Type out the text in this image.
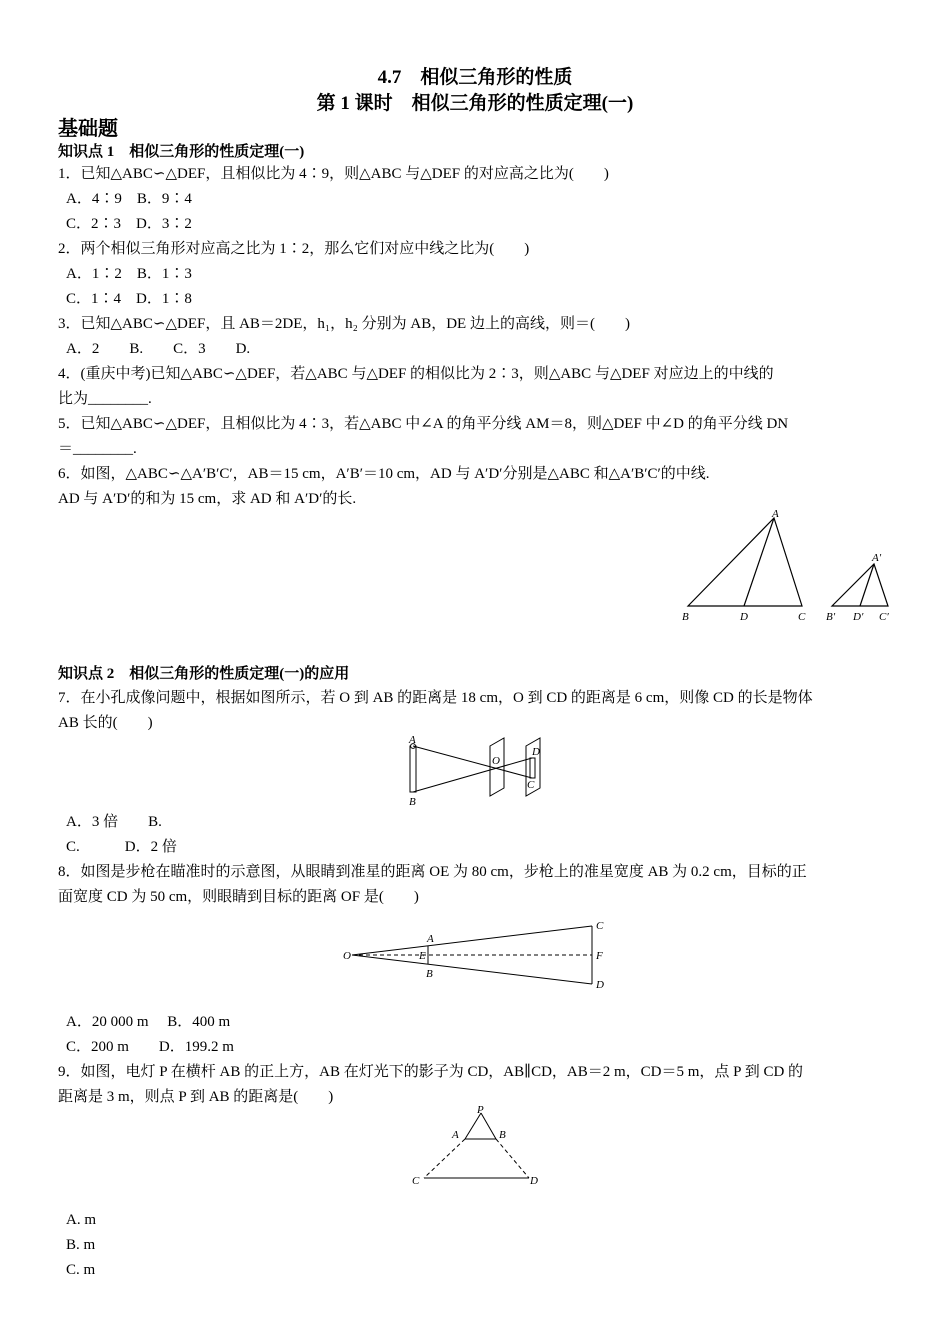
4.7　相似三角形的性质
第 1 课时　相似三角形的性质定理(一)
基础题
知识点 1　相似三角形的性质定理(一)
1．已知△ABC∽△DEF，且相似比为 4∶9，则△ABC 与△DEF 的对应高之比为(　　)
A．4∶9　B．9∶4
C．2∶3　D．3∶2
2．两个相似三角形对应高之比为 1∶2，那么它们对应中线之比为(　　)
A．1∶2　B．1∶3
C．1∶4　D．1∶8
3．已知△ABC∽△DEF，且 AB＝2DE，h₁，h₂ 分别为 AB，DE 边上的高线，则＝(　　)
A．2　　B.　　C．3　　D.
4．(重庆中考)已知△ABC∽△DEF，若△ABC 与△DEF 的相似比为 2∶3，则△ABC 与△DEF 对应边上的中线的
比为________.
5．已知△ABC∽△DEF，且相似比为 4∶3，若△ABC 中∠A 的角平分线 AM＝8，则△DEF 中∠D 的角平分线 DN
＝________.
6．如图，△ABC∽△A′B′C′，AB＝15 cm，A′B′＝10 cm，AD 与 A′D′分别是△ABC 和△A′B′C′的中线.
AD 与 A′D′的和为 15 cm，求 AD 和 A′D′的长.
A
B	D	C
A′
B′ D′ C′
知识点 2　相似三角形的性质定理(一)的应用
7．在小孔成像问题中，根据如图所示，若 O 到 AB 的距离是 18 cm，O 到 CD 的距离是 6 cm，则像 CD 的长是物体
AB 长的(　　)
A
B
O
D
C
A．3 倍　　B.
C.　　　D．2 倍
8．如图是步枪在瞄准时的示意图，从眼睛到准星的距离 OE 为 80 cm，步枪上的准星宽度 AB 为 0.2 cm，目标的正
面宽度 CD 为 50 cm，则眼睛到目标的距离 OF 是(　　)
O
A
E
B
C
F
D
A．20 000 m　 B．400 m
C．200 m　　D．199.2 m
9．如图，电灯 P 在横杆 AB 的正上方，AB 在灯光下的影子为 CD，AB∥CD，AB＝2 m，CD＝5 m，点 P 到 CD 的
距离是 3 m，则点 P 到 AB 的距离是(　　)
P
A	B
C	D
A. m
B. m
C. m
